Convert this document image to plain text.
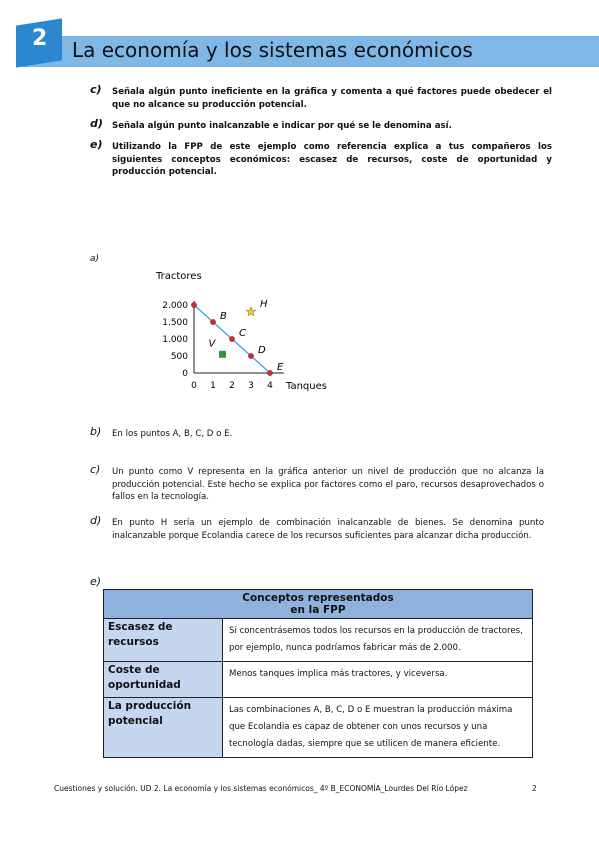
2 La economía y los sistemas económicos
c) Señala algún punto ineficiente en la gráfica y comenta a qué factores puede obedecer el que no alcance su producción potencial.
d) Señala algún punto inalcanzable e indicar por qué se le denomina así.
e) Utilizando la FPP de este ejemplo como referencia explica a tus compañeros los siguientes conceptos económicos: escasez de recursos, coste de oportunidad y producción potencial.
a)
Tractores
Tanques
0
500
1.000
1.500
2.000
0 1 2 3 4
B
C
D
E
V
H
b) En los puntos A, B, C, D o E.
c) Un punto como V representa en la gráfica anterior un nivel de producción que no alcanza la producción potencial. Este hecho se explica por factores como el paro, recursos desaprovechados o fallos en la tecnología.
d) En punto H sería un ejemplo de combinación inalcanzable de bienes. Se denomina punto inalcanzable porque Ecolandia carece de los recursos suficientes para alcanzar dicha producción.
e)
Conceptos representados
en la FPP	

Escasez de recursos	Si concentrásemos todos los recursos en la producción de tractores, por ejemplo, nunca podríamos fabricar más de 2.000.
Coste de oportunidad	Menos tanques implica más tractores, y viceversa.
La producción potencial	Las combinaciones A, B, C, D o E muestran la producción máxima que Ecolandia es capaz de obtener con unos recursos y una tecnología dadas, siempre que se utilicen de manera eficiente.
Cuestiones y solución. UD 2. La economía y los sistemas económicos_ 4º B_ECONOMÍA_Lourdes Del Río López	2
